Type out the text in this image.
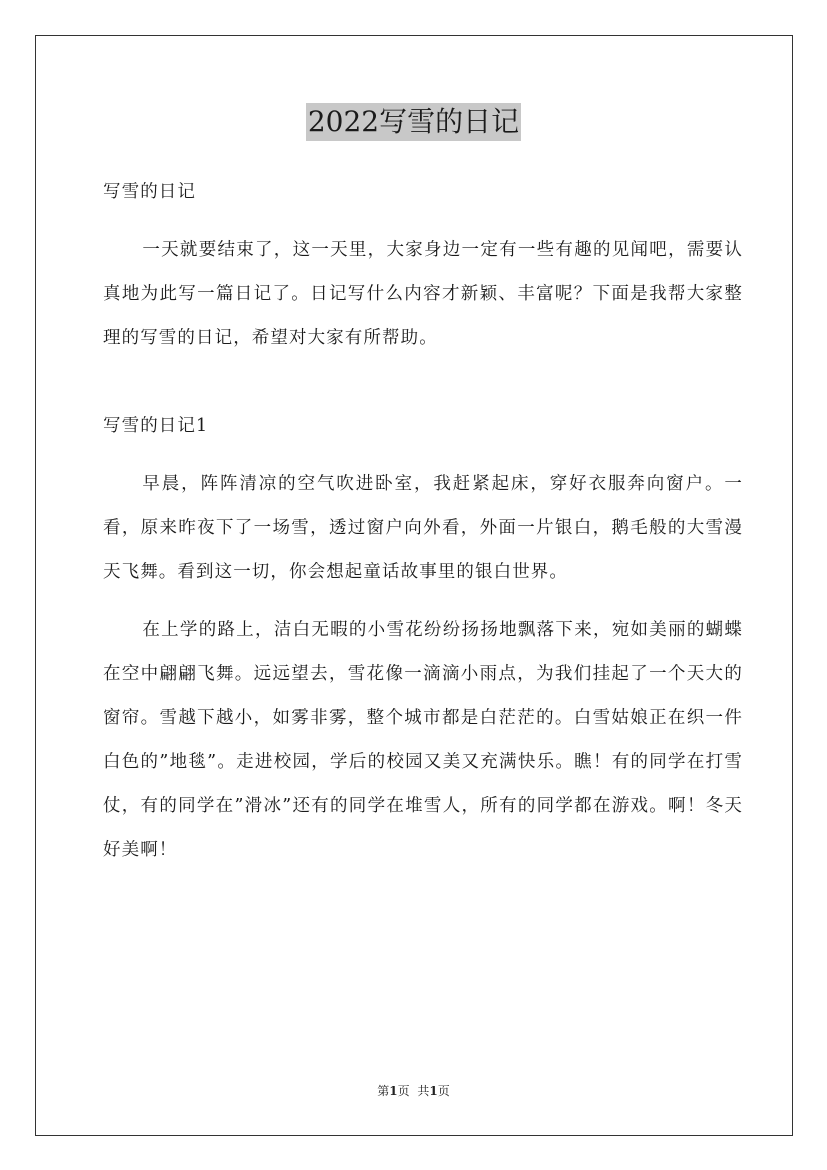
2022写雪的日记

写雪的日记

一天就要结束了，这一天里，大家身边一定有一些有趣的见闻吧，需要认真地为此写一篇日记了。日记写什么内容才新颖、丰富呢？下面是我帮大家整理的写雪的日记，希望对大家有所帮助。

写雪的日记1

早晨，阵阵清凉的空气吹进卧室，我赶紧起床，穿好衣服奔向窗户。一看，原来昨夜下了一场雪，透过窗户向外看，外面一片银白，鹅毛般的大雪漫天飞舞。看到这一切，你会想起童话故事里的银白世界。

在上学的路上，洁白无暇的小雪花纷纷扬扬地飘落下来，宛如美丽的蝴蝶在空中翩翩飞舞。远远望去，雪花像一滴滴小雨点，为我们挂起了一个天大的窗帘。雪越下越小，如雾非雾，整个城市都是白茫茫的。白雪姑娘正在织一件白色的”地毯”。走进校园，学后的校园又美又充满快乐。瞧！有的同学在打雪仗，有的同学在”滑冰”还有的同学在堆雪人，所有的同学都在游戏。啊！冬天好美啊！

第1页 共1页
